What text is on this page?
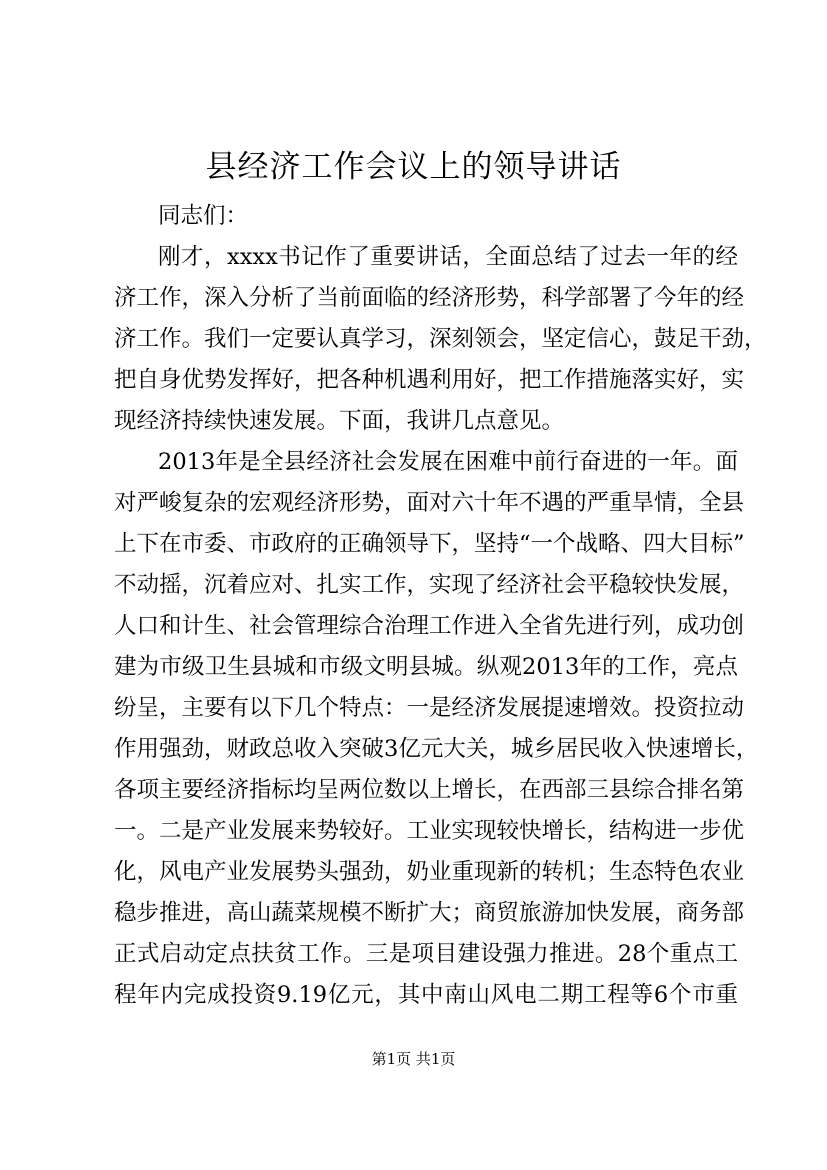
县经济工作会议上的领导讲话

同志们：

刚才，xxxx书记作了重要讲话，全面总结了过去一年的经

济工作，深入分析了当前面临的经济形势，科学部署了今年的经

济工作。我们一定要认真学习，深刻领会，坚定信心，鼓足干劲，

把自身优势发挥好，把各种机遇利用好，把工作措施落实好，实

现经济持续快速发展。下面，我讲几点意见。

2013年是全县经济社会发展在困难中前行奋进的一年。面

对严峻复杂的宏观经济形势，面对六十年不遇的严重旱情，全县

上下在市委、市政府的正确领导下，坚持“一个战略、四大目标”

不动摇，沉着应对、扎实工作，实现了经济社会平稳较快发展，

人口和计生、社会管理综合治理工作进入全省先进行列，成功创

建为市级卫生县城和市级文明县城。纵观2013年的工作，亮点

纷呈，主要有以下几个特点：一是经济发展提速增效。投资拉动

作用强劲，财政总收入突破3亿元大关，城乡居民收入快速增长，

各项主要经济指标均呈两位数以上增长，在西部三县综合排名第

一。二是产业发展来势较好。工业实现较快增长，结构进一步优

化，风电产业发展势头强劲，奶业重现新的转机；生态特色农业

稳步推进，高山蔬菜规模不断扩大；商贸旅游加快发展，商务部

正式启动定点扶贫工作。三是项目建设强力推进。28个重点工

程年内完成投资9.19亿元，其中南山风电二期工程等6个市重

第1页 共1页
